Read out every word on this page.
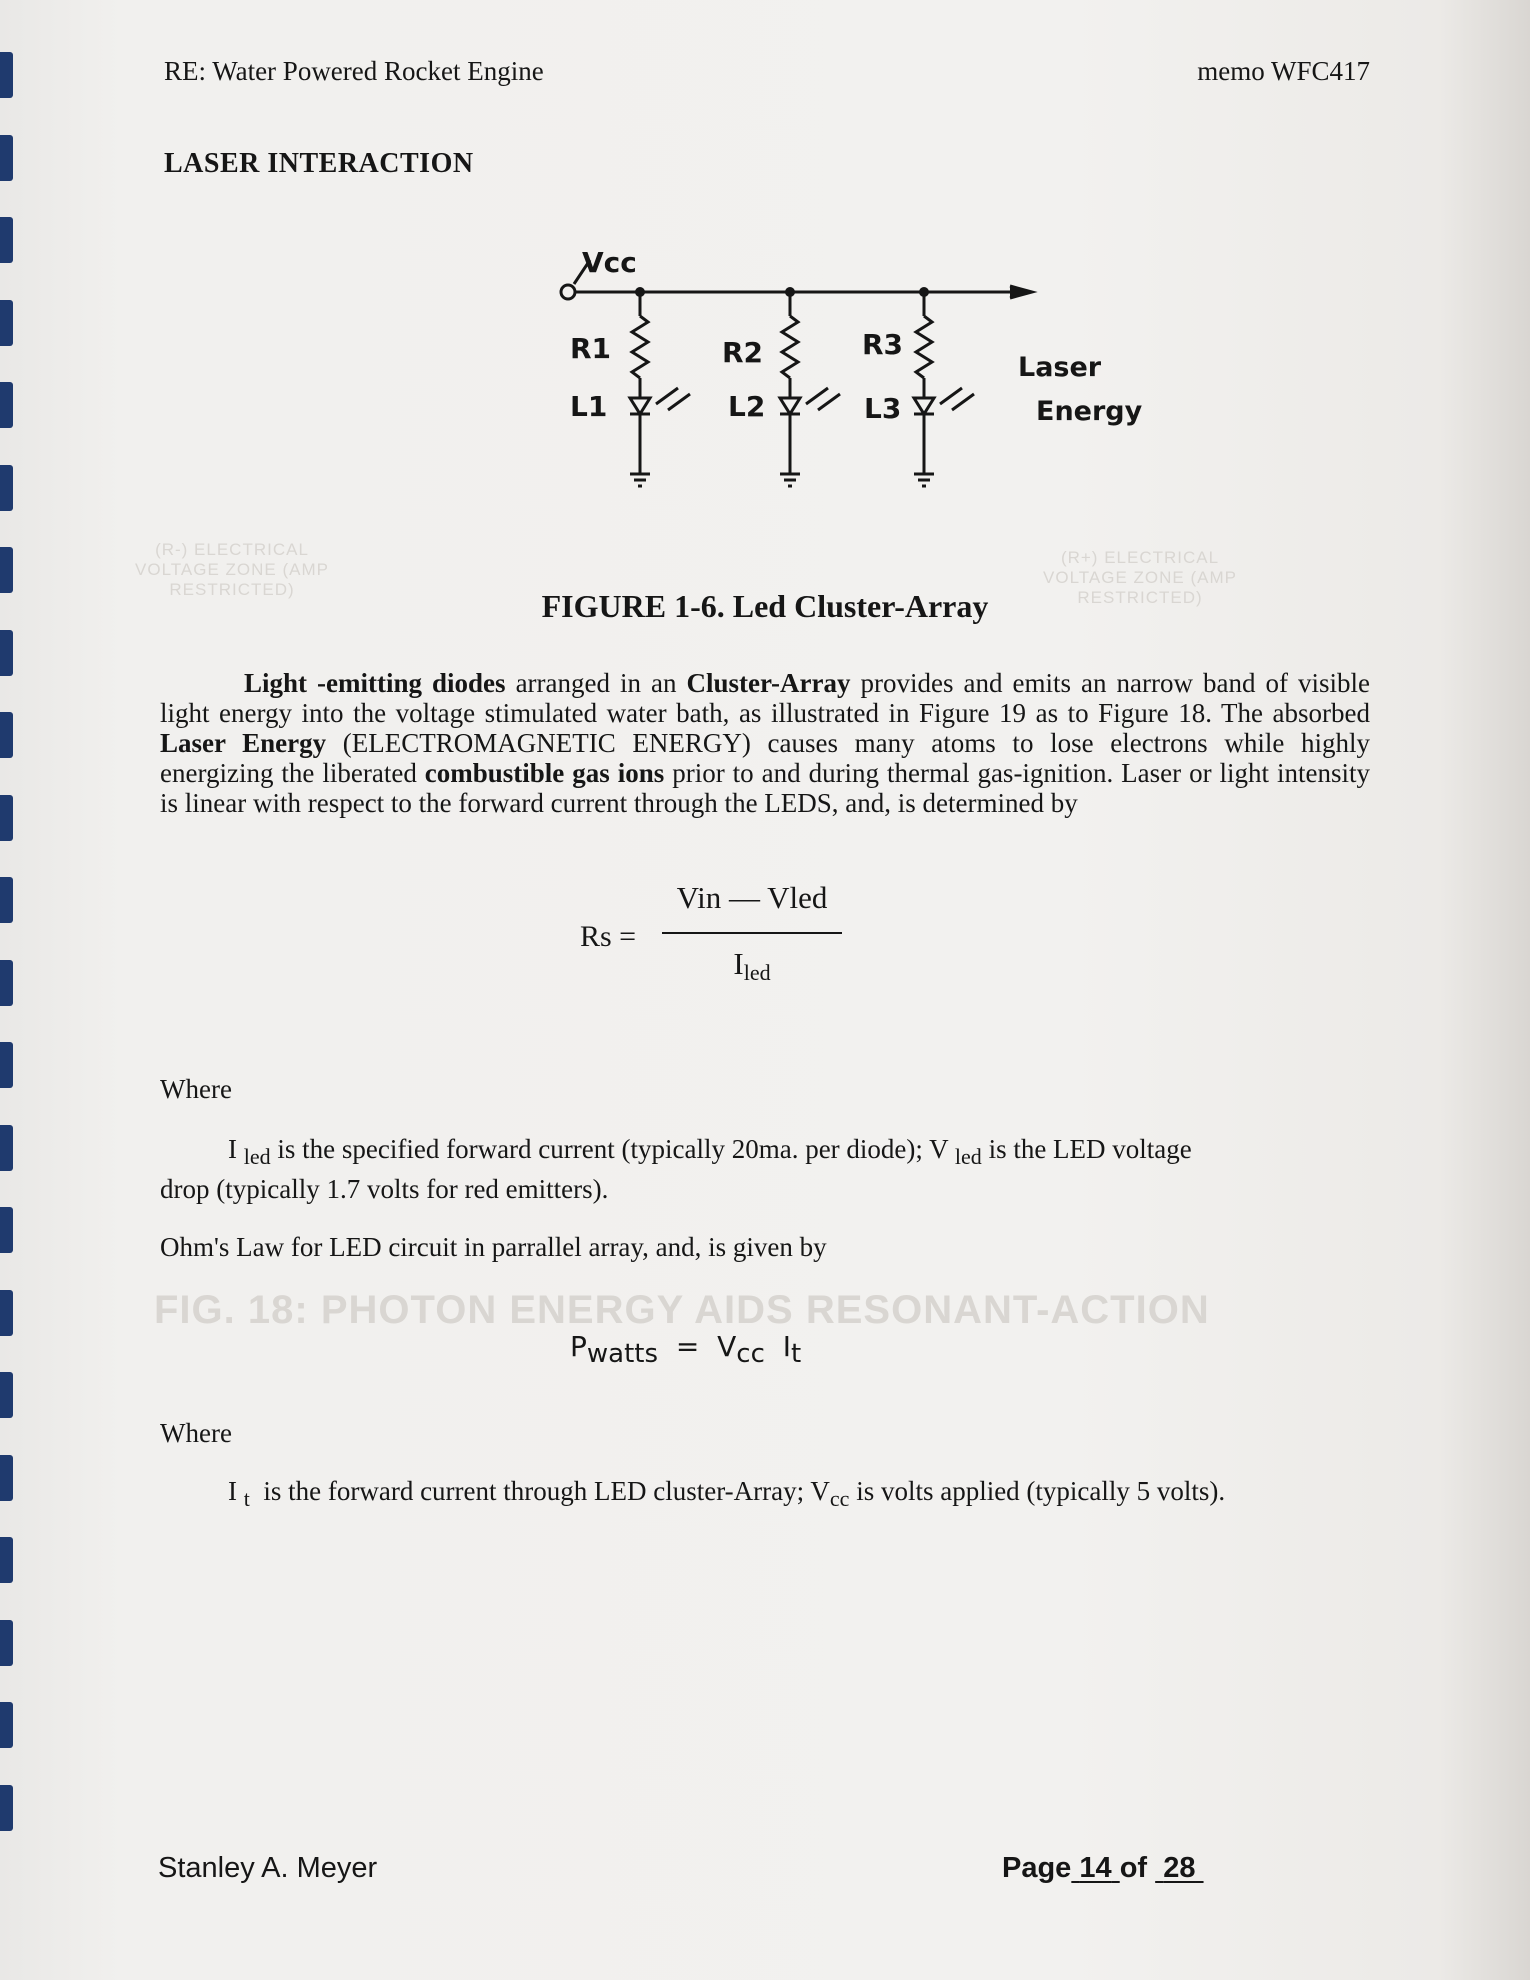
FIG. 18: PHOTON ENERGY AIDS RESONANT-ACTION
(R-) ELECTRICAL VOLTAGE ZONE (AMP RESTRICTED)
(R+) ELECTRICAL VOLTAGE ZONE (AMP RESTRICTED)
RE: Water Powered Rocket Engine	memo WFC417
LASER INTERACTION
Vcc
R1	R2	R3
L1	L2	L3
Laser
Energy
FIGURE 1-6. Led Cluster-Array
Light -emitting diodes arranged in an Cluster-Array provides and emits an narrow band of visible light energy into the voltage stimulated water bath, as illustrated in Figure 19 as to Figure 18. The absorbed Laser Energy (ELECTROMAGNETIC ENERGY) causes many atoms to lose electrons while highly energizing the liberated combustible gas ions prior to and during thermal gas-ignition. Laser or light intensity is linear with respect to the forward current through the LEDS, and, is determined by
Rs =
Vin — Vled
Iled
Where
I $_{led}$ is the specified forward current (typically 20ma. per diode); V $_{led}$ is the LED voltage
drop (typically 1.7 volts for red emitters).
Ohm's Law for LED circuit in parrallel array, and, is given by
Pwatts = Vcc It
Where
I $_t$ is the forward current through LED cluster-Array; $V_{cc}$ is volts applied (typically 5 volts).
Stanley A. Meyer	Page 14 of 28
